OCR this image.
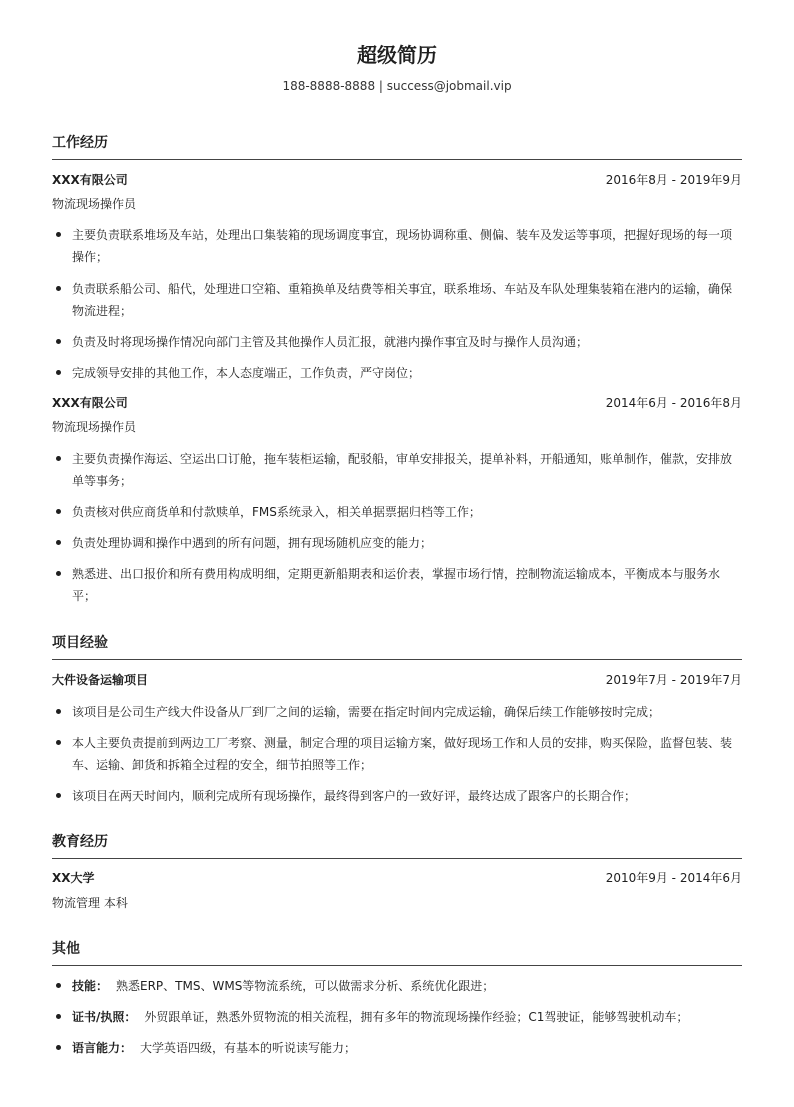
超级简历
188-8888-8888 | success@jobmail.vip
工作经历
XXX有限公司	2016年8月 - 2019年9月
物流现场操作员
主要负责联系堆场及车站，处理出口集装箱的现场调度事宜，现场协调称重、侧偏、装车及发运等事项，把握好现场的每一项操作；
负责联系船公司、船代，处理进口空箱、重箱换单及结费等相关事宜，联系堆场、车站及车队处理集装箱在港内的运输，确保物流进程；
负责及时将现场操作情况向部门主管及其他操作人员汇报，就港内操作事宜及时与操作人员沟通；
完成领导安排的其他工作，本人态度端正，工作负责，严守岗位；
XXX有限公司	2014年6月 - 2016年8月
物流现场操作员
主要负责操作海运、空运出口订舱，拖车装柜运输，配驳船，审单安排报关，提单补料，开船通知，账单制作，催款，安排放单等事务；
负责核对供应商货单和付款赎单，FMS系统录入，相关单据票据归档等工作；
负责处理协调和操作中遇到的所有问题，拥有现场随机应变的能力；
熟悉进、出口报价和所有费用构成明细，定期更新船期表和运价表，掌握市场行情，控制物流运输成本，平衡成本与服务水平；
项目经验
大件设备运输项目	2019年7月 - 2019年7月
该项目是公司生产线大件设备从厂到厂之间的运输，需要在指定时间内完成运输，确保后续工作能够按时完成；
本人主要负责提前到两边工厂考察、测量，制定合理的项目运输方案，做好现场工作和人员的安排，购买保险，监督包装、装车、运输、卸货和拆箱全过程的安全，细节拍照等工作；
该项目在两天时间内，顺利完成所有现场操作，最终得到客户的一致好评，最终达成了跟客户的长期合作；
教育经历
XX大学	2010年9月 - 2014年6月
物流管理 本科
其他
技能： 熟悉ERP、TMS、WMS等物流系统，可以做需求分析、系统优化跟进；
证书/执照： 外贸跟单证，熟悉外贸物流的相关流程，拥有多年的物流现场操作经验；C1驾驶证，能够驾驶机动车；
语言能力： 大学英语四级，有基本的听说读写能力；
